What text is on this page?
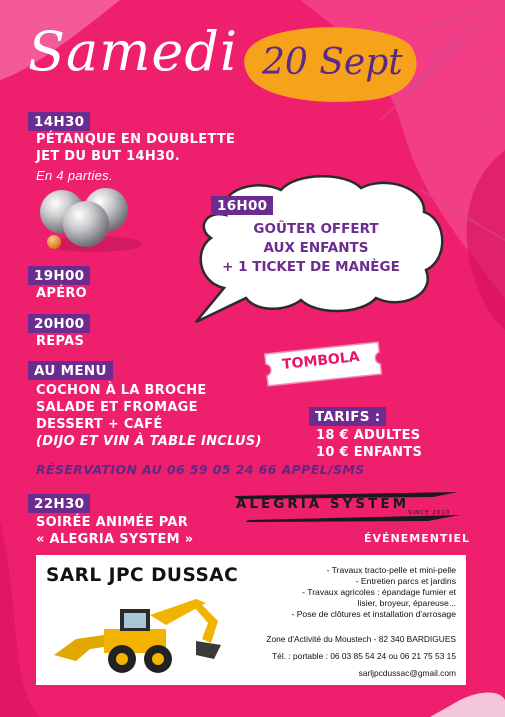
Samedi 20 Sept
14H30
PÉTANQUE EN DOUBLETTE
JET DU BUT 14H30.
En 4 parties.
16H00
GOÛTER OFFERT
AUX ENFANTS
+ 1 TICKET DE MANÈGE
19H00
APÉRO
20H00
REPAS
AU MENU
COCHON À LA BROCHE
SALADE ET FROMAGE
DESSERT + CAFÉ
(DIJO ET VIN À TABLE INCLUS)
TOMBOLA
TARIFS :
18 € ADULTES
10 € ENFANTS
RÉSERVATION AU 06 59 05 24 66 APPEL/SMS
22H30
SOIRÉE ANIMÉE PAR
« ALEGRIA SYSTEM »
ALEGRIA SYSTEM
SINCE 2010
ÉVÉNEMENTIEL
SARL JPC DUSSAC	- Travaux tracto-pelle et mini-pelle
- Entretien parcs et jardins
- Travaux agricoles : épandage fumier et
lisier, broyeur, épareuse...
- Pose de clôtures et installation d'arrosage
Zone d'Activité du Moustech - 82 340 BARDIGUES
Tél. : portable : 06 03 85 54 24 ou 06 21 75 53 15
sarljpcdussac@gmail.com
